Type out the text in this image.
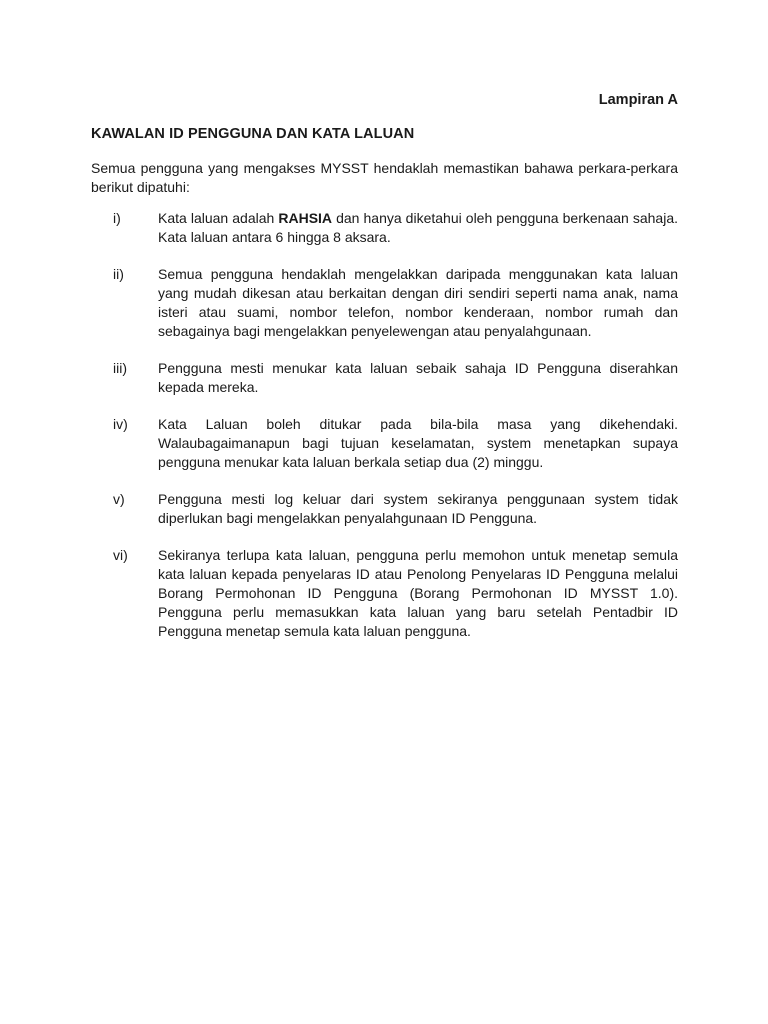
Lampiran A
KAWALAN ID PENGGUNA DAN KATA LALUAN
Semua pengguna yang mengakses MYSST hendaklah memastikan bahawa perkara-perkara berikut dipatuhi:
i)	Kata laluan adalah RAHSIA dan hanya diketahui oleh pengguna berkenaan sahaja. Kata laluan antara 6 hingga 8 aksara.
ii)	Semua pengguna hendaklah mengelakkan daripada menggunakan kata laluan yang mudah dikesan atau berkaitan dengan diri sendiri seperti nama anak, nama isteri atau suami, nombor telefon, nombor kenderaan, nombor rumah dan sebagainya bagi mengelakkan penyelewengan atau penyalahgunaan.
iii)	Pengguna mesti menukar kata laluan sebaik sahaja ID Pengguna diserahkan kepada mereka.
iv)	Kata Laluan boleh ditukar pada bila-bila masa yang dikehendaki. Walaubagaimanapun bagi tujuan keselamatan, system menetapkan supaya pengguna menukar kata laluan berkala setiap dua (2) minggu.
v)	Pengguna mesti log keluar dari system sekiranya penggunaan system tidak diperlukan bagi mengelakkan penyalahgunaan ID Pengguna.
vi)	Sekiranya terlupa kata laluan, pengguna perlu memohon untuk menetap semula kata laluan kepada penyelaras ID atau Penolong Penyelaras ID Pengguna melalui Borang Permohonan ID Pengguna (Borang Permohonan ID MYSST 1.0). Pengguna perlu memasukkan kata laluan yang baru setelah Pentadbir ID Pengguna menetap semula kata laluan pengguna.
